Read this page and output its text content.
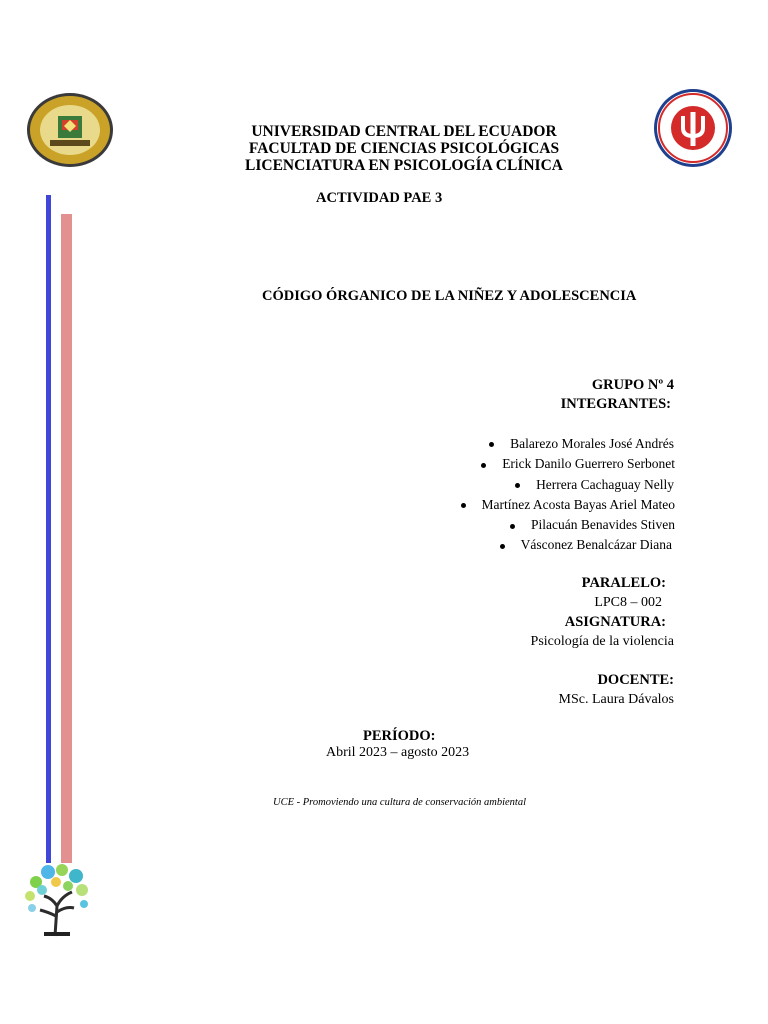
UNIVERSIDAD CENTRAL DEL ECUADOR
FACULTAD DE CIENCIAS PSICOLÓGICAS
LICENCIATURA EN PSICOLOGÍA CLÍNICA
ACTIVIDAD PAE 3
CÓDIGO ÓRGANICO DE LA NIÑEZ Y ADOLESCENCIA
GRUPO Nº 4
INTEGRANTES:
Balarezo Morales José Andrés
Erick Danilo Guerrero Serbonet
Herrera Cachaguay Nelly
Martínez Acosta Bayas Ariel Mateo
Pilacuán Benavides Stiven
Vásconez Benalcázar Diana
PARALELO:
LPC8 – 002
ASIGNATURA:
Psicología de la violencia
DOCENTE:
MSc. Laura Dávalos
PERÍODO:
Abril 2023 – agosto 2023
UCE - Promoviendo una cultura de conservación ambiental
